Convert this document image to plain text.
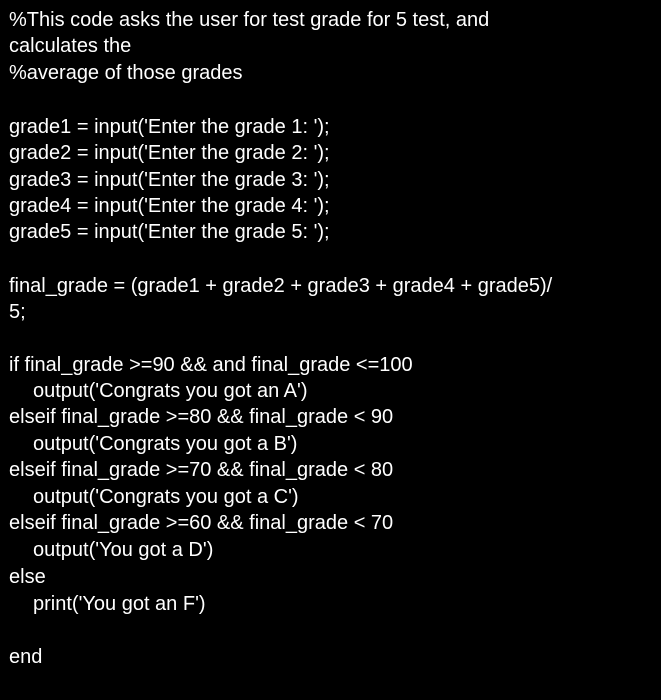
%This code asks the user for test grade for 5 test, and
calculates the
%average of those grades
grade1 = input('Enter the grade 1: ');
grade2 = input('Enter the grade 2: ');
grade3 = input('Enter the grade 3: ');
grade4 = input('Enter the grade 4: ');
grade5 = input('Enter the grade 5: ');
final_grade = (grade1 + grade2 + grade3 + grade4 + grade5)/
5;
if final_grade >=90 && and final_grade <=100
output('Congrats you got an A')
elseif final_grade >=80 && final_grade < 90
output('Congrats you got a B')
elseif final_grade >=70 && final_grade < 80
output('Congrats you got a C')
elseif final_grade >=60 && final_grade < 70
output('You got a D')
else
print('You got an F')
end
